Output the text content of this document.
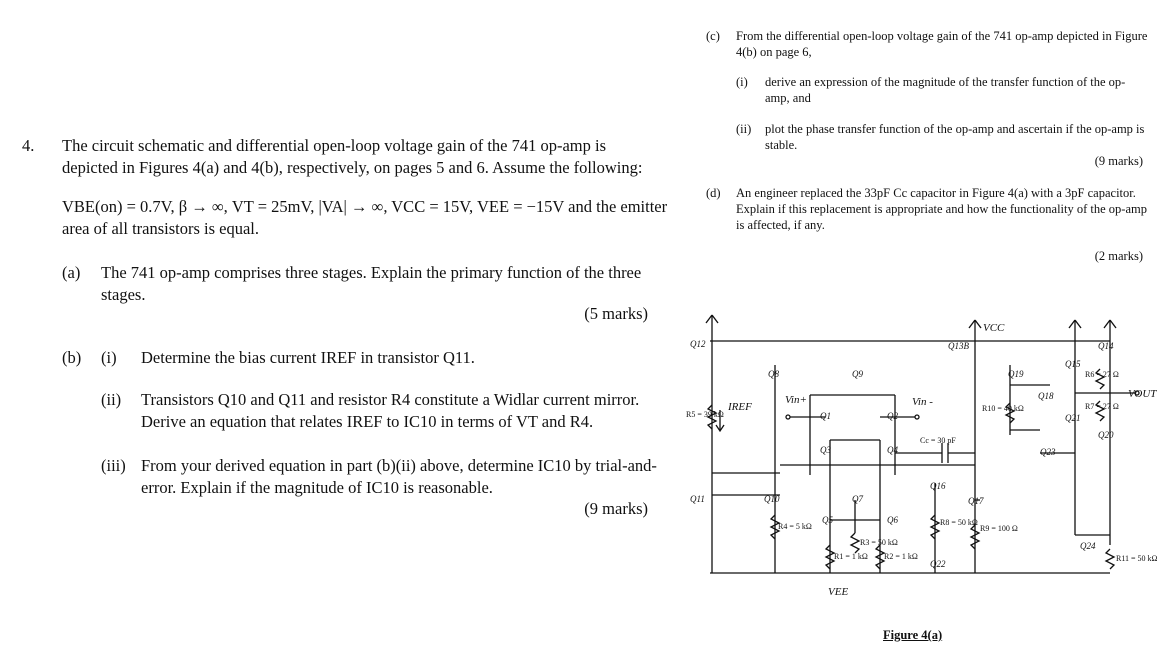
4. The circuit schematic and differential open-loop voltage gain of the 741 op-amp is depicted in Figures 4(a) and 4(b), respectively, on pages 5 and 6. Assume the following:
VBE(on) = 0.7V, β → ∞, VT = 25mV, |VA| → ∞, VCC = 15V, VEE = −15V and the emitter
area of all transistors is equal.
(a) The 741 op-amp comprises three stages. Explain the primary function of the three
stages.
(5 marks)
(b) (i) Determine the bias current IREF in transistor Q11.
(ii) Transistors Q10 and Q11 and resistor R4 constitute a Widlar current mirror.
Derive an equation that relates IREF to IC10 in terms of VT and R4.
(iii) From your derived equation in part (b)(ii) above, determine IC10 by trial-and-
error. Explain if the magnitude of IC10 is reasonable.
(9 marks)
(c) From the differential open-loop voltage gain of the 741 op-amp depicted in Figure
4(b) on page 6,
(i) derive an expression of the magnitude of the transfer function of the op-
amp, and
(ii) plot the phase transfer function of the op-amp and ascertain if the op-amp is
stable.
(9 marks)
(d) An engineer replaced the 33pF Cc capacitor in Figure 4(a) with a 3pF capacitor.
Explain if this replacement is appropriate and how the functionality of the op-amp
is affected, if any.
(2 marks)
Q12
Q11	Q10
Q13B
Q8	Q9
Q1	Q2
Q3	Q4
Q7
Q5	Q6
Q16
Q17
Q22
Q19
Q18
Q15
Q14
Q21
Q20
Q23
Q24
R5 = 39 kΩ
R4 = 5 kΩ
R1 = 1 kΩ
R3 = 50 kΩ
R2 = 1 kΩ
R8 = 50 kΩ
R9 = 100 Ω
R10 = 40 kΩ
R6 = 27 Ω
R7 = 27 Ω
R11 = 50 kΩ
Cc = 30 pF
VCC
VEE
VOUT
Vin+	Vin -
IREF
Figure 4(a)
